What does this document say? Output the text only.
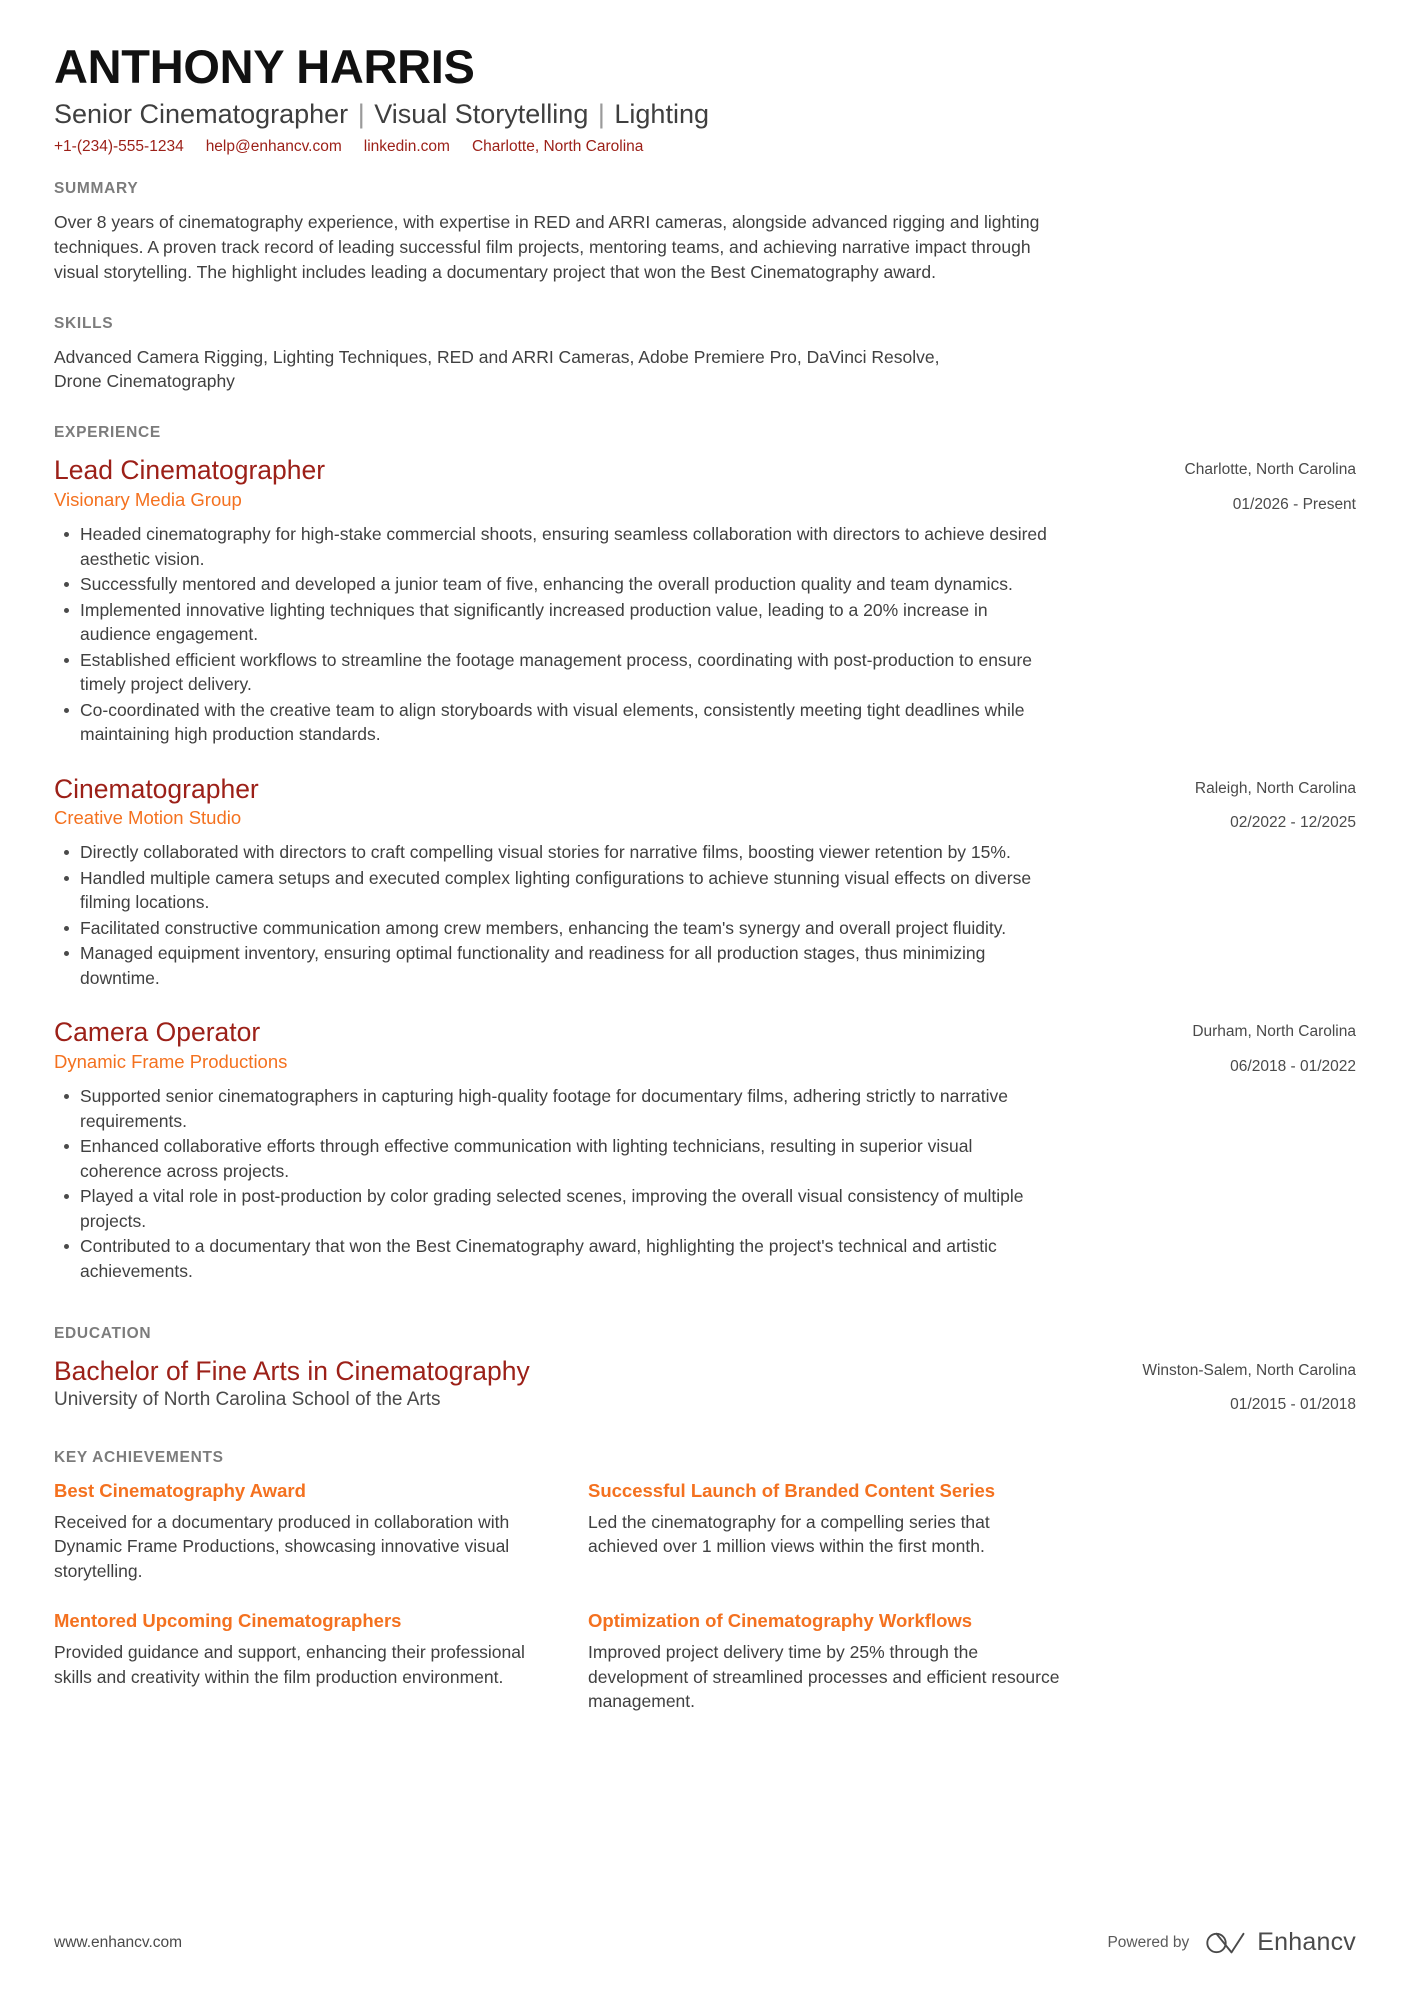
ANTHONY HARRIS
Senior Cinematographer | Visual Storytelling | Lighting
+1-(234)-555-1234 help@enhancv.com linkedin.com Charlotte, North Carolina
SUMMARY

Over 8 years of cinematography experience, with expertise in RED and ARRI cameras, alongside advanced rigging and lighting techniques. A proven track record of leading successful film projects, mentoring teams, and achieving narrative impact through visual storytelling. The highlight includes leading a documentary project that won the Best Cinematography award.

SKILLS

Advanced Camera Rigging, Lighting Techniques, RED and ARRI Cameras, Adobe Premiere Pro, DaVinci Resolve, Drone Cinematography

EXPERIENCE
Lead Cinematographer
Visionary Media Group
Charlotte, North Carolina
01/2026 - Present
Headed cinematography for high-stake commercial shoots, ensuring seamless collaboration with directors to achieve desired aesthetic vision.
Successfully mentored and developed a junior team of five, enhancing the overall production quality and team dynamics.
Implemented innovative lighting techniques that significantly increased production value, leading to a 20% increase in audience engagement.
Established efficient workflows to streamline the footage management process, coordinating with post-production to ensure timely project delivery.
Co-coordinated with the creative team to align storyboards with visual elements, consistently meeting tight deadlines while maintaining high production standards.
Cinematographer
Creative Motion Studio
Raleigh, North Carolina
02/2022 - 12/2025
Directly collaborated with directors to craft compelling visual stories for narrative films, boosting viewer retention by 15%.
Handled multiple camera setups and executed complex lighting configurations to achieve stunning visual effects on diverse filming locations.
Facilitated constructive communication among crew members, enhancing the team's synergy and overall project fluidity.
Managed equipment inventory, ensuring optimal functionality and readiness for all production stages, thus minimizing downtime.
Camera Operator
Dynamic Frame Productions
Durham, North Carolina
06/2018 - 01/2022
Supported senior cinematographers in capturing high-quality footage for documentary films, adhering strictly to narrative requirements.
Enhanced collaborative efforts through effective communication with lighting technicians, resulting in superior visual coherence across projects.
Played a vital role in post-production by color grading selected scenes, improving the overall visual consistency of multiple projects.
Contributed to a documentary that won the Best Cinematography award, highlighting the project's technical and artistic achievements.
EDUCATION
Bachelor of Fine Arts in Cinematography
University of North Carolina School of the Arts
Winston-Salem, North Carolina
01/2015 - 01/2018
KEY ACHIEVEMENTS
Best Cinematography Award
Received for a documentary produced in collaboration with Dynamic Frame Productions, showcasing innovative visual storytelling.
Successful Launch of Branded Content Series
Led the cinematography for a compelling series that achieved over 1 million views within the first month.
Mentored Upcoming Cinematographers
Provided guidance and support, enhancing their professional skills and creativity within the film production environment.
Optimization of Cinematography Workflows
Improved project delivery time by 25% through the development of streamlined processes and efficient resource management.
www.enhancv.com	Powered by	Enhancv
